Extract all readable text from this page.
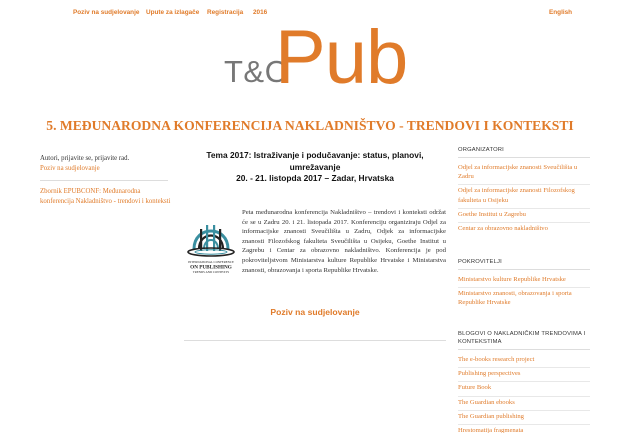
Poziv na sudjelovanje Upute za izlagače Registracija 2016	English
T&C
Pub
5. MEĐUNARODNA KONFERENCIJA NAKLADNIŠTVO - TRENDOVI I KONTEKSTI
Autori, prijavite se, prijavite rad.
Poziv na sudjelovanje
Zbornik EPUBCONF: Međunarodna konferencija Nakladništvo - trendovi i konteksti
Tema 2017: Istraživanje i podučavanje: status, planovi, umrežavanje
20. - 21. listopda 2017 – Zadar, Hrvatska
INTERNATIONAL CONFERENCE
ON PUBLISHING
TRENDS AND CONTEXTS

Peta međunarodna konferencija Nakladništvo – trendovi i konteksti održat će se u Zadru 20. i 21. listopada 2017. Konferenciju organiziraju Odjel za informacijske znanosti Sveučilišta u Zadru, Odjek za informacijske znanosti Filozofskog fakulteta Sveučilišta u Osijeku, Goethe Institut u Zagrebu i Centar za obrazovno nakladništvo. Konferencija je pod pokroviteljstvom Ministarstva kulture Republike Hrvatske i Ministarstva znanosti, obrazovanja i sporta Republike Hrvatske.

Poziv na sudjelovanje
ORGANIZATORI
Odjel za informacijske znanosti Sveučilišta u Zadru
Odjel za informacijske znanosti Filozofskog fakulteta u Osijeku
Goethe Institut u Zagrebu
Centar za obrazovno nakladništvo
POKROVITELJI
Ministarstvo kulture Republike Hrvatske
Ministarstvo znanosti, obrazovanja i sporta Republike Hrvatske
BLOGOVI O NAKLADNIČKIM TRENDOVIMA I KONTEKSTIMA
The e-books research project
Publishing perspectives
Future Book
The Guardian ebooks
The Guardian publishing
Hrestomatija fragmenata
